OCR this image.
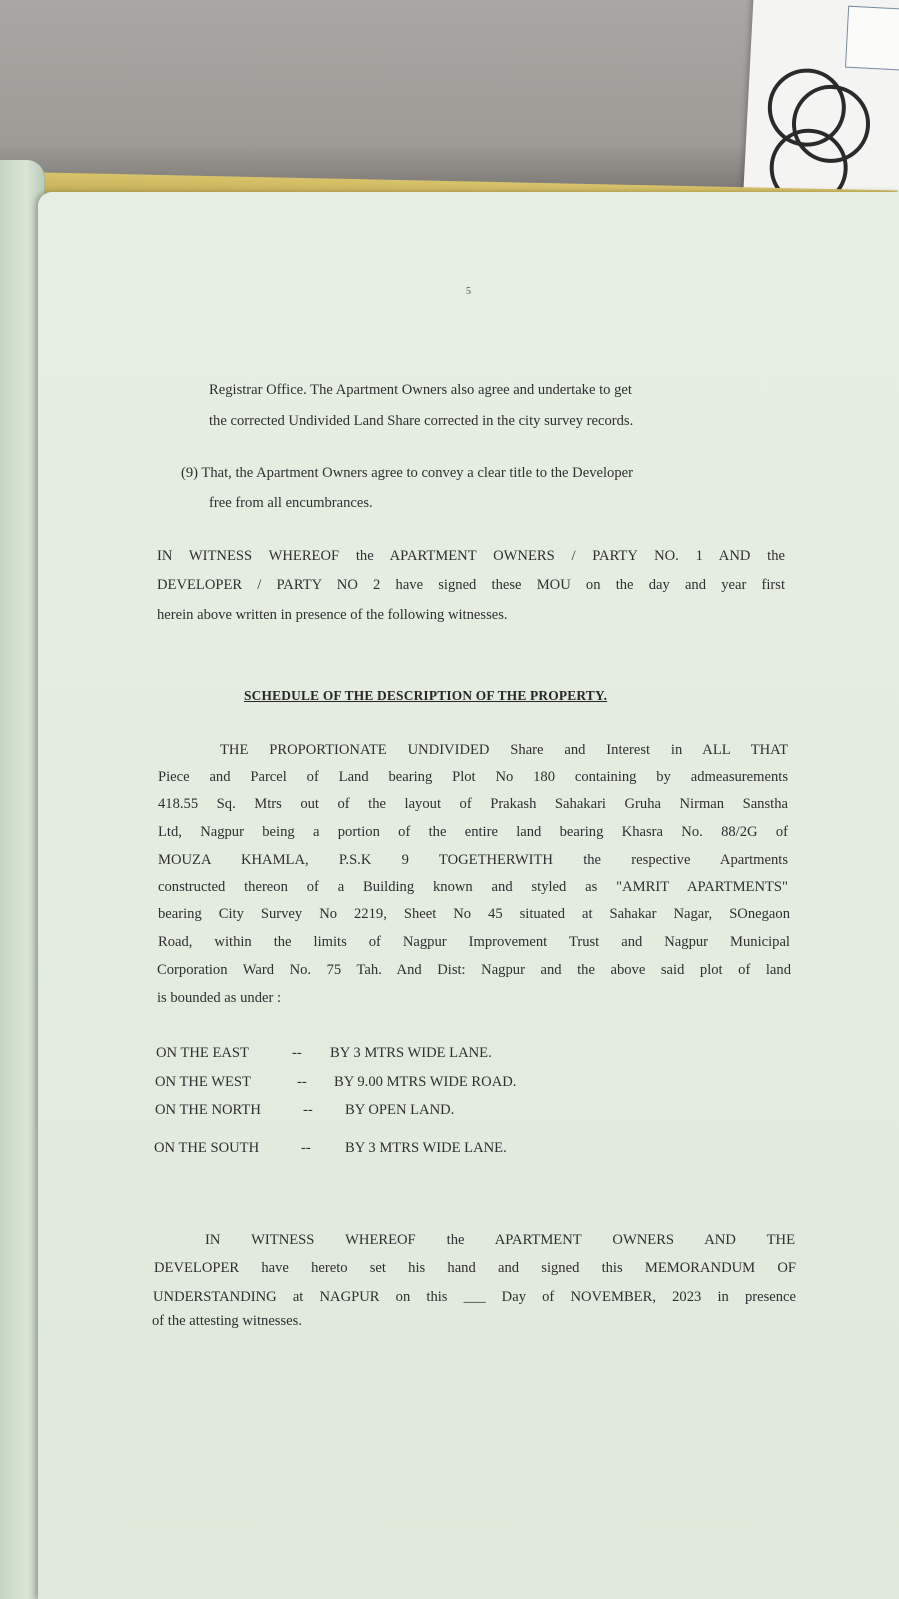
5
Registrar Office. The Apartment Owners also agree and undertake to get
the corrected Undivided Land Share corrected in the city survey records.
(9) That, the Apartment Owners agree to convey a clear title to the Developer
free from all encumbrances.
IN WITNESS WHEREOF the APARTMENT OWNERS / PARTY NO. 1 AND the
DEVELOPER / PARTY NO 2 have signed these MOU on the day and year first
herein above written in presence of the following witnesses.
SCHEDULE OF THE DESCRIPTION OF THE PROPERTY.
THE PROPORTIONATE UNDIVIDED Share and Interest in ALL THAT
Piece and Parcel of Land bearing Plot No 180 containing by admeasurements
418.55 Sq. Mtrs out of the layout of Prakash Sahakari Gruha Nirman Sanstha
Ltd, Nagpur being a portion of the entire land bearing Khasra No. 88/2G of
MOUZA KHAMLA, P.S.K 9 TOGETHERWITH the respective Apartments
constructed thereon of a Building known and styled as "AMRIT APARTMENTS"
bearing City Survey No 2219, Sheet No 45 situated at Sahakar Nagar, SOnegaon
Road, within the limits of Nagpur Improvement Trust and Nagpur Municipal
Corporation Ward No. 75 Tah. And Dist: Nagpur and the above said plot of land
is bounded as under :
ON THE EAST	-- BY 3 MTRS WIDE LANE.
ON THE WEST	-- BY 9.00 MTRS WIDE ROAD.
ON THE NORTH	-- BY OPEN LAND.
ON THE SOUTH	-- BY 3 MTRS WIDE LANE.
IN WITNESS WHEREOF the APARTMENT OWNERS AND THE
DEVELOPER have hereto set his hand and signed this MEMORANDUM OF
UNDERSTANDING at NAGPUR on this ___ Day of NOVEMBER, 2023 in presence
of the attesting witnesses.
